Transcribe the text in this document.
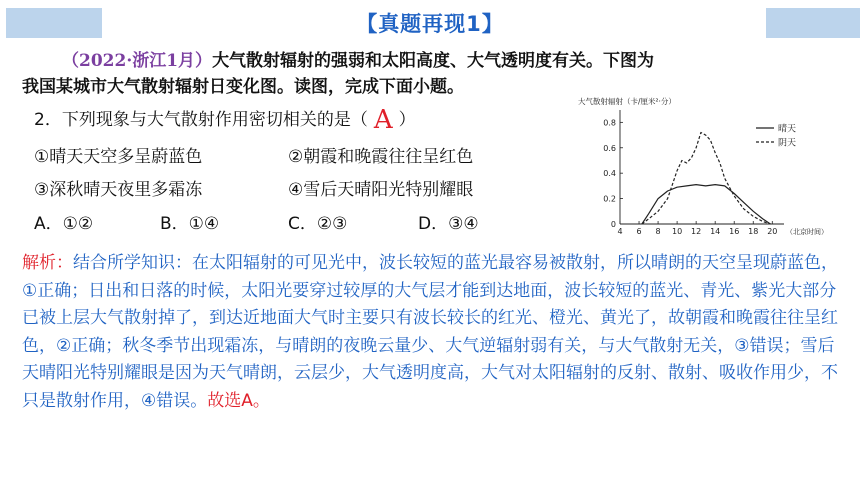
【真题再现1】
（2022·浙江1月）大气散射辐射的强弱和太阳高度、大气透明度有关。下图为
我国某城市大气散射辐射日变化图。读图，完成下面小题。
2．下列现象与大气散射作用密切相关的是（ A ）
①晴天天空多呈蔚蓝色	②朝霞和晚霞往往呈红色
③深秋晴天夜里多霜冻	④雪后天晴阳光特别耀眼
A．①②	B．①④	C．②③	D．③④
大气散射辐射（卡/厘米²·分）
0
0.2
0.4
0.6
0.8
4 6 8 10 12 14 16 18 20 （北京时间）
晴天
阴天
解析：结合所学知识：在太阳辐射的可见光中，波长较短的蓝光最容易被散射，所以晴朗的天空呈现蔚蓝色，①正确；日出和日落的时候，太阳光要穿过较厚的大气层才能到达地面，波长较短的蓝光、青光、紫光大部分已被上层大气散射掉了，到达近地面大气时主要只有波长较长的红光、橙光、黄光了，故朝霞和晚霞往往呈红色，②正确；秋冬季节出现霜冻，与晴朗的夜晚云量少、大气逆辐射弱有关，与大气散射无关，③错误；雪后天晴阳光特别耀眼是因为天气晴朗，云层少，大气透明度高，大气对太阳辐射的反射、散射、吸收作用少，不只是散射作用，④错误。故选A。
